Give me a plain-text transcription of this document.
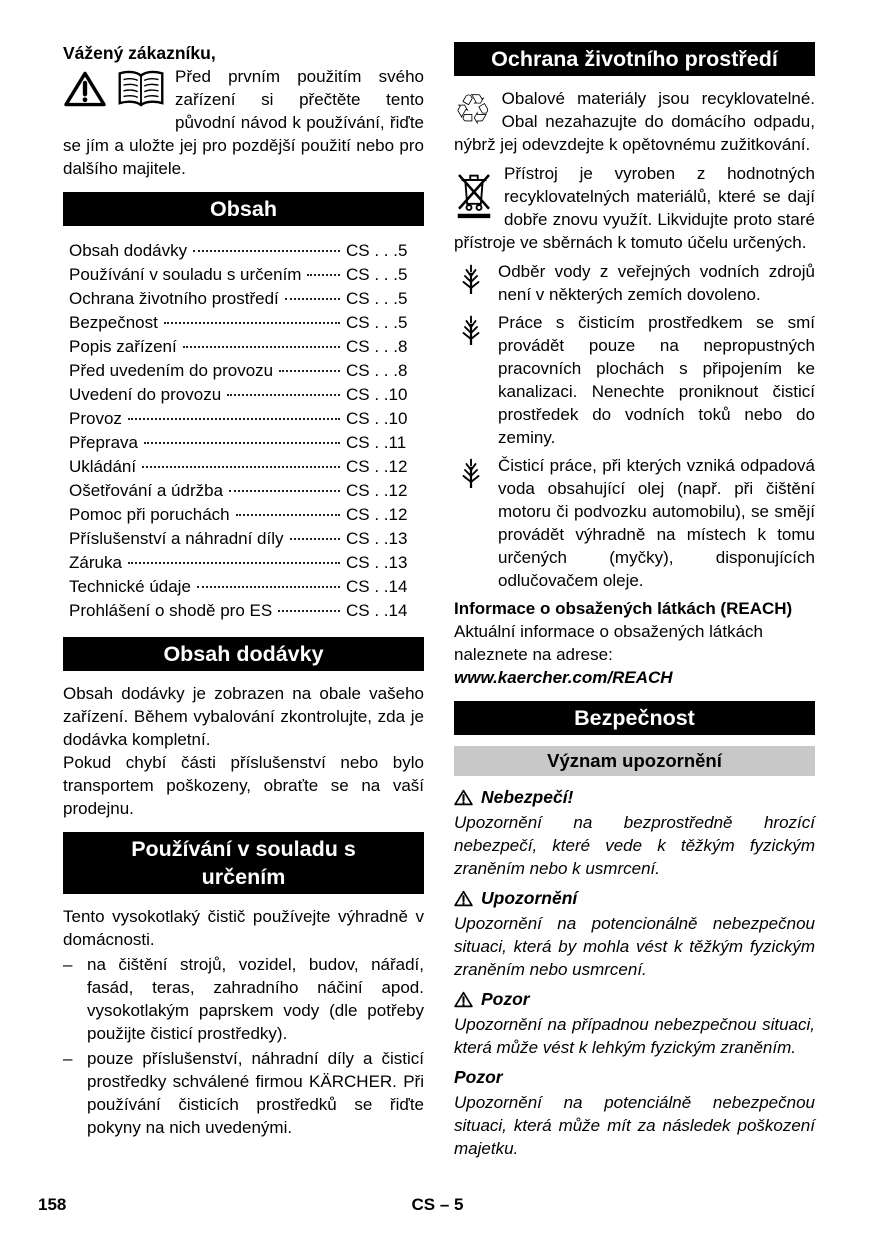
Vážený zákazníku,

Před prvním použitím svého zařízení si přečtěte tento původní návod k používání, řiďte se jím a uložte jej pro pozdější použití nebo pro dalšího majitele.

Obsah
Obsah dodávky	CS . . .5
Používání v souladu s určením	CS . . .5
Ochrana životního prostředí	CS . . .5
Bezpečnost	CS . . .5
Popis zařízení	CS . . .8
Před uvedením do provozu	CS . . .8
Uvedení do provozu	CS . .10
Provoz	CS . .10
Přeprava	CS . .11
Ukládání	CS . .12
Ošetřování a údržba	CS . .12
Pomoc při poruchách	CS . .12
Příslušenství a náhradní díly	CS . .13
Záruka	CS . .13
Technické údaje	CS . .14
Prohlášení o shodě pro ES	CS . .14
Obsah dodávky

Obsah dodávky je zobrazen na obale vašeho zařízení. Během vybalování zkontrolujte, zda je dodávka kompletní.

Pokud chybí části příslušenství nebo bylo transportem poškozeny, obraťte se na vaší prodejnu.

Používání v souladu s určením

Tento vysokotlaký čistič používejte výhradně v domácnosti.

– na čištění strojů, vozidel, budov, nářadí, fasád, teras, zahradního náčiní apod. vysokotlakým paprskem vody (dle potřeby použijte čisticí prostředky).

– pouze příslušenství, náhradní díly a čisticí prostředky schválené firmou KÄRCHER. Při používání čisticích prostředků se řiďte pokyny na nich uvedenými.

Ochrana životního prostředí
♲ Obalové materiály jsou recyklovatelné. Obal nezahazujte do domácího odpadu, nýbrž jej odevzdejte k opětovnému zužitkování.

Přístroj je vyroben z hodnotných recyklovatelných materiálů, které se dají dobře znovu využít. Likvidujte proto staré přístroje ve sběrnách k tomuto účelu určených.

Odběr vody z veřejných vodních zdrojů není v některých zemích dovoleno.

Práce s čisticím prostředkem se smí provádět pouze na nepropustných pracovních plochách s připojením ke kanalizaci. Nenechte proniknout čisticí prostředek do vodních toků nebo do zeminy.

Čisticí práce, při kterých vzniká odpadová voda obsahující olej (např. při čištění motoru či podvozku automobilu), se smějí provádět výhradně na místech k tomu určených (myčky), disponujících odlučovačem oleje.

Informace o obsažených látkách (REACH)

Aktuální informace o obsažených látkách naleznete na adrese:

www.kaercher.com/REACH
Bezpečnost
Význam upozornění
Nebezpečí!

Upozornění na bezprostředně hrozící nebezpečí, které vede k těžkým fyzickým zraněním nebo k usmrcení.

Upozornění

Upozornění na potencionálně nebezpečnou situaci, která by mohla vést k těžkým fyzickým zraněním nebo usmrcení.

Pozor

Upozornění na případnou nebezpečnou situaci, která může vést k lehkým fyzickým zraněním.

Pozor

Upozornění na potenciálně nebezpečnou situaci, která může mít za následek poškození majetku.

158	CS – 5
